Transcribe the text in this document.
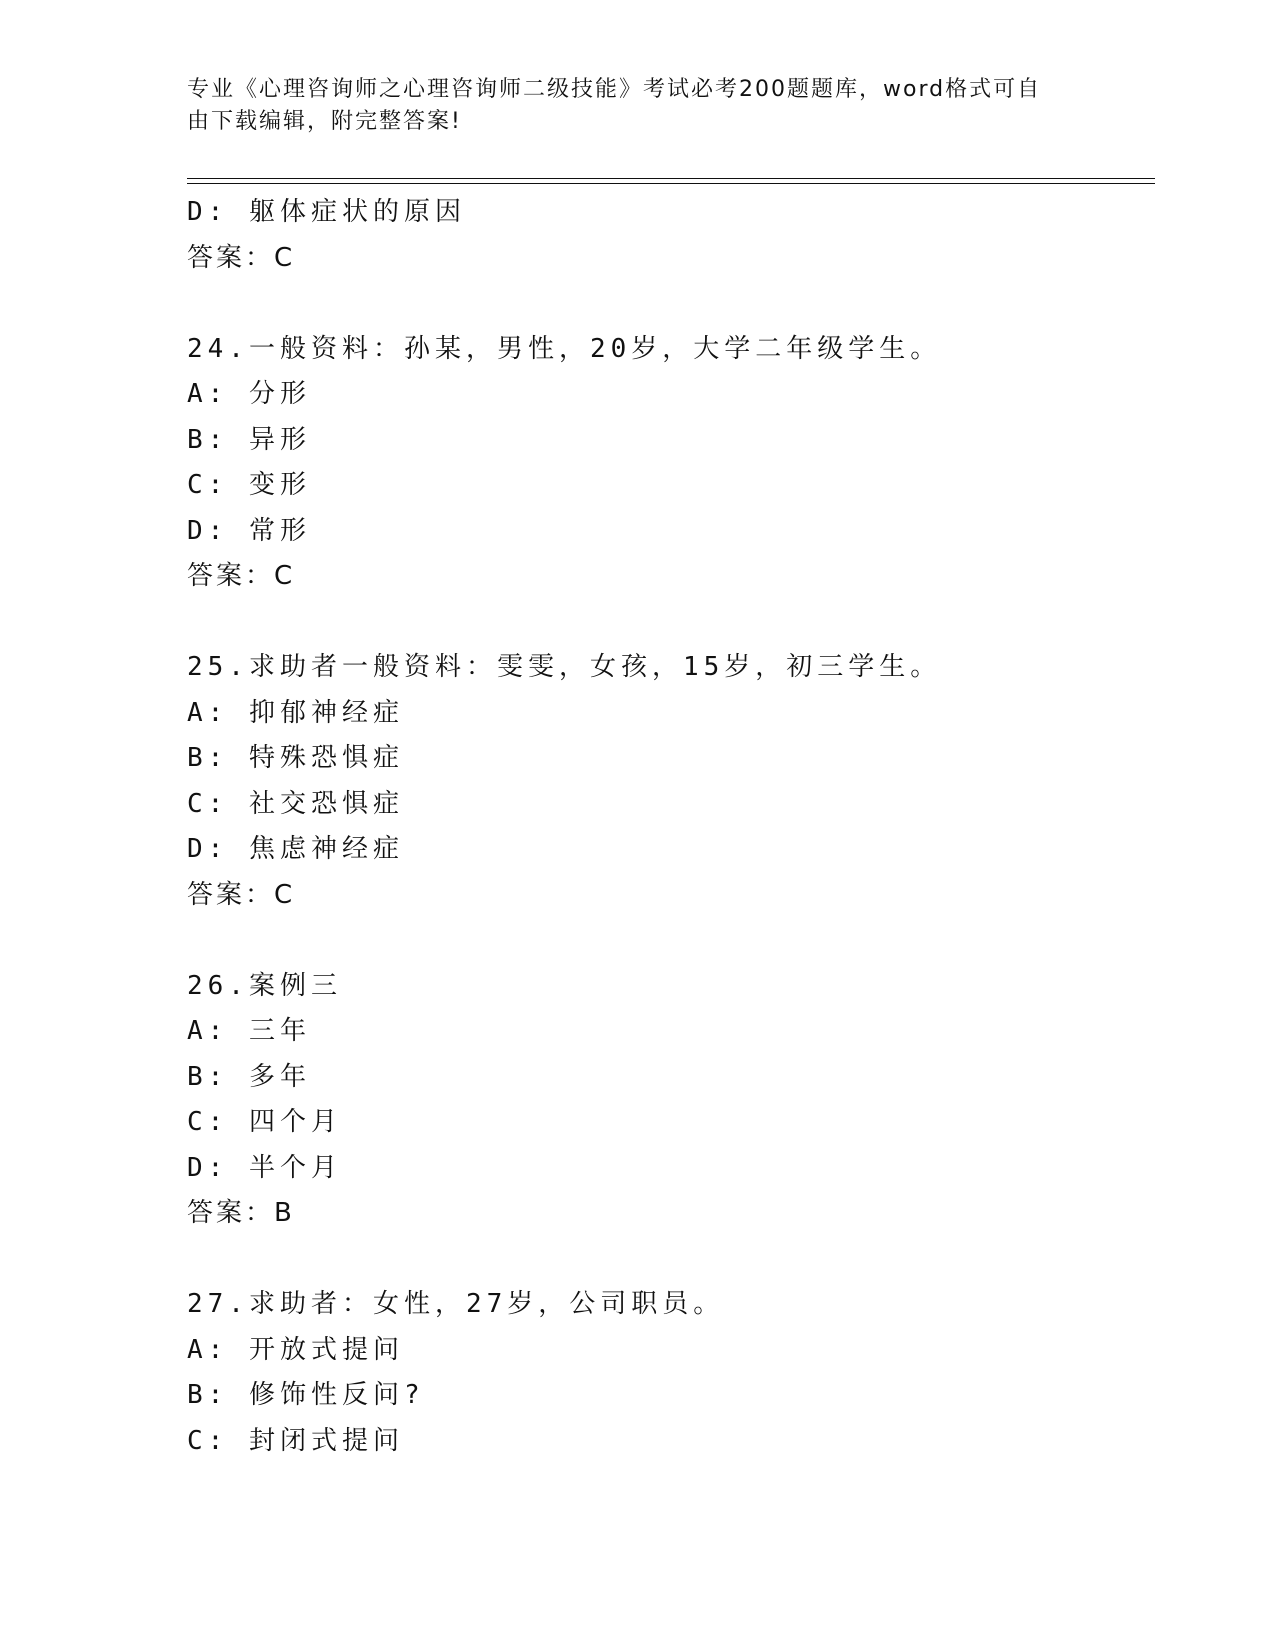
专业《心理咨询师之心理咨询师二级技能》考试必考200题题库，word格式可自
由下载编辑，附完整答案!
D: 躯体症状的原因
答案：C
24.一般资料：孙某，男性，20岁，大学二年级学生。
A: 分形
B: 异形
C: 变形
D: 常形
答案：C
25.求助者一般资料：雯雯，女孩，15岁，初三学生。
A: 抑郁神经症
B: 特殊恐惧症
C: 社交恐惧症
D: 焦虑神经症
答案：C
26.案例三
A: 三年
B: 多年
C: 四个月
D: 半个月
答案：B
27.求助者：女性，27岁，公司职员。
A: 开放式提问
B: 修饰性反问?
C: 封闭式提问
